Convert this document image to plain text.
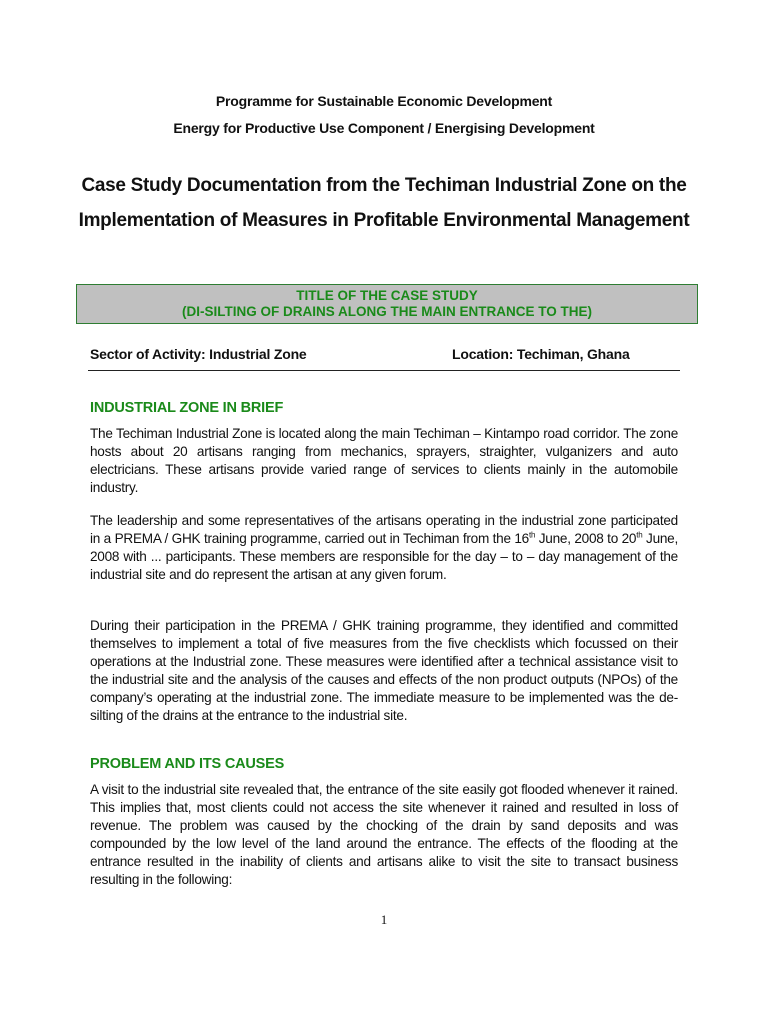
Programme for Sustainable Economic Development
Energy for Productive Use Component / Energising Development
Case Study Documentation from the Techiman Industrial Zone on the
Implementation of Measures in Profitable Environmental Management
TITLE OF THE CASE STUDY
(DI-SILTING OF DRAINS ALONG THE MAIN ENTRANCE TO THE)
Sector of Activity: Industrial Zone	Location: Techiman, Ghana
INDUSTRIAL ZONE IN BRIEF

The Techiman Industrial Zone is located along the main Techiman – Kintampo road corridor. The zone hosts about 20 artisans ranging from mechanics, sprayers, straighter, vulganizers and auto electricians. These artisans provide varied range of services to clients mainly in the automobile industry.

The leadership and some representatives of the artisans operating in the industrial zone participated in a PREMA / GHK training programme, carried out in Techiman from the 16th June, 2008 to 20th June, 2008 with ... participants. These members are responsible for the day – to – day management of the industrial site and do represent the artisan at any given forum.

During their participation in the PREMA / GHK training programme, they identified and committed themselves to implement a total of five measures from the five checklists which focussed on their operations at the Industrial zone. These measures were identified after a technical assistance visit to the industrial site and the analysis of the causes and effects of the non product outputs (NPOs) of the company’s operating at the industrial zone. The immediate measure to be implemented was the de-silting of the drains at the entrance to the industrial site.

PROBLEM AND ITS CAUSES

A visit to the industrial site revealed that, the entrance of the site easily got flooded whenever it rained. This implies that, most clients could not access the site whenever it rained and resulted in loss of revenue. The problem was caused by the chocking of the drain by sand deposits and was compounded by the low level of the land around the entrance. The effects of the flooding at the entrance resulted in the inability of clients and artisans alike to visit the site to transact business resulting in the following:

1
